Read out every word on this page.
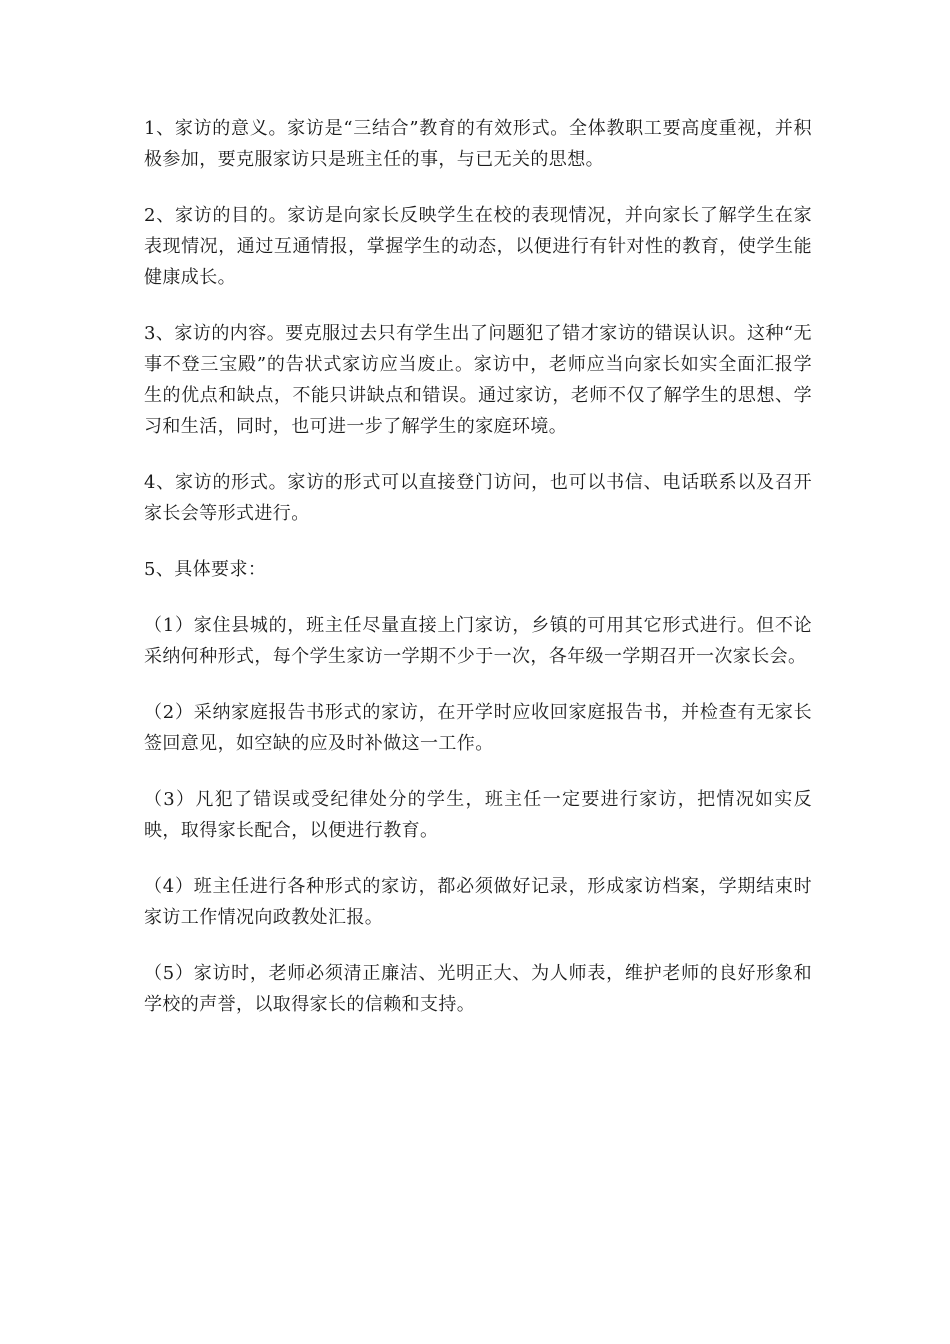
1、家访的意义。家访是“三结合”教育的有效形式。全体教职工要高度重视，并积极参加，要克服家访只是班主任的事，与已无关的思想。

2、家访的目的。家访是向家长反映学生在校的表现情况，并向家长了解学生在家表现情况，通过互通情报，掌握学生的动态，以便进行有针对性的教育，使学生能健康成长。

3、家访的内容。要克服过去只有学生出了问题犯了错才家访的错误认识。这种“无事不登三宝殿”的告状式家访应当废止。家访中，老师应当向家长如实全面汇报学生的优点和缺点，不能只讲缺点和错误。通过家访，老师不仅了解学生的思想、学习和生活，同时，也可进一步了解学生的家庭环境。

4、家访的形式。家访的形式可以直接登门访问，也可以书信、电话联系以及召开家长会等形式进行。

5、具体要求：

（1）家住县城的，班主任尽量直接上门家访，乡镇的可用其它形式进行。但不论采纳何种形式，每个学生家访一学期不少于一次，各年级一学期召开一次家长会。

（2）采纳家庭报告书形式的家访，在开学时应收回家庭报告书，并检查有无家长签回意见，如空缺的应及时补做这一工作。

（3）凡犯了错误或受纪律处分的学生，班主任一定要进行家访，把情况如实反映，取得家长配合，以便进行教育。

（4）班主任进行各种形式的家访，都必须做好记录，形成家访档案，学期结束时家访工作情况向政教处汇报。

（5）家访时，老师必须清正廉洁、光明正大、为人师表，维护老师的良好形象和学校的声誉，以取得家长的信赖和支持。
